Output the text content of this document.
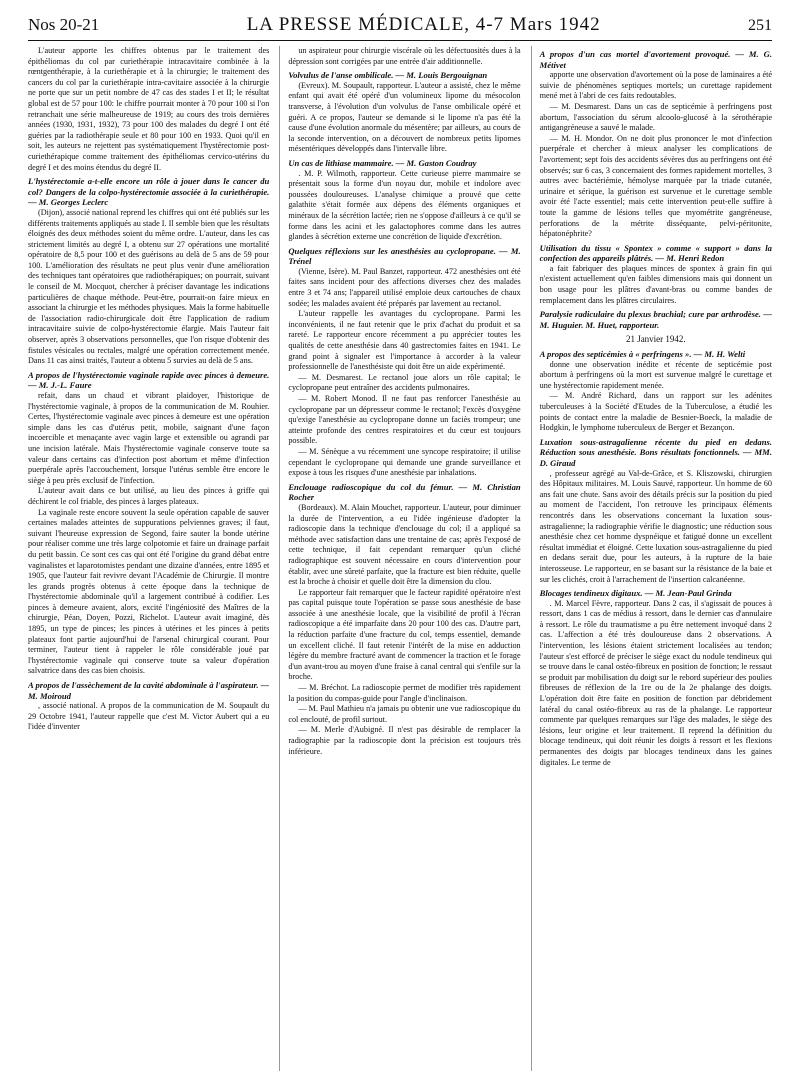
Nos 20-21	LA PRESSE MÉDICALE, 4-7 Mars 1942	251

L'auteur apporte les chiffres obtenus par le traitement des épithéliomas du col par curiethérapie intracavitaire combinée à la rœntgenthérapie, à la curiethérapie et à la chirurgie; le traitement des cancers du col par la curiethérapie intra-cavitaire associée à la chirurgie ne porte que sur un petit nombre de 47 cas des stades I et II; le résultat global est de 57 pour 100: le chiffre pourrait monter à 70 pour 100 si l'on retranchait une série malheureuse de 1919; au cours des trois dernières années (1930, 1931, 1932), 73 pour 100 des malades du degré I ont été guéries par la radiothérapie seule et 80 pour 100 en 1933. Quoi qu'il en soit, les auteurs ne rejettent pas systématiquement l'hystérectomie post-curiethérapique comme traitement des épithéliomas cervico-utérins du degré I et des moins étendus du degré II.

L'hystérectomie a-t-elle encore un rôle à jouer dans le cancer du col? Dangers de la colpo-hystérectomie associée à la curiethérapie. — M. Georges Leclerc

(Dijon), associé national reprend les chiffres qui ont été publiés sur les différents traitements appliqués au stade I. Il semble bien que les résultats éloignés des deux méthodes soient du même ordre. L'auteur, dans les cas strictement limités au degré I, a obtenu sur 27 opérations une mortalité opératoire de 8,5 pour 100 et des guérisons au delà de 5 ans de 59 pour 100. L'amélioration des résultats ne peut plus venir d'une amélioration des techniques tant opératoires que radiothérapiques; on pourrait, suivant le conseil de M. Mocquot, chercher à préciser davantage les indications particulières de chaque méthode. Peut-être, pourrait-on faire mieux en associant la chirurgie et les méthodes physiques. Mais la forme habituelle de l'association radio-chirurgicale doit être l'application de radium intracavitaire suivie de colpo-hystérectomie élargie. Mais l'auteur fait observer, après 3 observations personnelles, que l'on risque d'obtenir des fistules vésicales ou rectales, malgré une opération correctement menée. Dans 11 cas ainsi traités, l'auteur a obtenu 5 survies au delà de 5 ans.

A propos de l'hystérectomie vaginale rapide avec pinces à demeure. — M. J.-L. Faure

refait, dans un chaud et vibrant plaidoyer, l'historique de l'hystérectomie vaginale, à propos de la communication de M. Rouhier. Certes, l'hystérectomie vaginale avec pinces à demeure est une opération simple dans les cas d'utérus petit, mobile, saignant d'une façon incoercible et menaçante avec vagin large et extensible ou agrandi par une incision latérale. Mais l'hystérectomie vaginale conserve toute sa valeur dans certains cas d'infection post abortum et même d'infection puerpérale après l'accouchement, lorsque l'utérus semble être encore le siège à peu près exclusif de l'infection.

L'auteur avait dans ce but utilisé, au lieu des pinces à griffe qui déchirent le col friable, des pinces à larges plateaux.

La vaginale reste encore souvent la seule opération capable de sauver certaines malades atteintes de suppurations pelviennes graves; il faut, suivant l'heureuse expression de Segond, faire sauter la bonde utérine pour réaliser comme une très large colpotomie et faire un drainage parfait du petit bassin. Ce sont ces cas qui ont été l'origine du grand débat entre vaginalistes et laparotomistes pendant une dizaine d'années, entre 1895 et 1905, que l'auteur fait revivre devant l'Académie de Chirurgie. Il montre les grands progrès obtenus à cette époque dans la technique de l'hystérectomie abdominale qu'il a largement contribué à codifier. Les pinces à demeure avaient, alors, excité l'ingéniosité des Maîtres de la chirurgie, Péan, Doyen, Pozzi, Richelot. L'auteur avait imaginé, dès 1895, un type de pinces; les pinces à utérines et les pinces à petits plateaux font partie aujourd'hui de l'arsenal chirurgical courant. Pour terminer, l'auteur tient à rappeler le rôle considérable joué par l'hystérectomie vaginale qui conserve toute sa valeur d'opération salvatrice dans des cas bien choisis.

A propos de l'assèchement de la cavité abdominale à l'aspirateur. — M. Moiroud

, associé national. A propos de la communication de M. Soupault du 29 Octobre 1941, l'auteur rappelle que c'est M. Victor Aubert qui a eu l'idée d'inventer

un aspirateur pour chirurgie viscérale où les défectuosités dues à la dépression sont corrigées par une entrée d'air additionnelle.

Volvulus de l'anse ombilicale. — M. Louis Bergouignan

(Evreux). M. Soupault, rapporteur. L'auteur a assisté, chez le même enfant qui avait été opéré d'un volumineux lipome du mésocolon transverse, à l'évolution d'un volvulus de l'anse ombilicale opéré et guéri. A ce propos, l'auteur se demande si le lipome n'a pas été la cause d'une évolution anormale du mésentère; par ailleurs, au cours de la seconde intervention, on a découvert de nombreux petits lipomes mésentériques développés dans l'intervalle libre.

Un cas de lithiase mammaire. — M. Gaston Coudray

. M. P. Wilmoth, rapporteur. Cette curieuse pierre mammaire se présentait sous la forme d'un noyau dur, mobile et indolore avec poussées douloureuses. L'analyse chimique a prouvé que cette galathite s'était formée aux dépens des éléments organiques et minéraux de la sécrétion lactée; rien ne s'oppose d'ailleurs à ce qu'il se forme dans les acini et les galactophores comme dans les autres glandes à sécrétion externe une concrétion de liquide d'excrétion.

Quelques réflexions sur les anesthésies au cyclopropane. — M. Trénel

(Vienne, Isère). M. Paul Banzet, rapporteur. 472 anesthésies ont été faites sans incident pour des affections diverses chez des malades entre 3 et 74 ans; l'appareil utilisé emploie deux cartouches de chaux sodée; les malades avaient été préparés par lavement au rectanol.

L'auteur rappelle les avantages du cyclopropane. Parmi les inconvénients, il ne faut retenir que le prix d'achat du produit et sa rareté. Le rapporteur encore récemment a pu apprécier toutes les qualités de cette anesthésie dans 40 gastrectomies faites en 1941. Le grand point à signaler est l'importance à accorder à la valeur professionnelle de l'anesthésiste qui doit être un aide expérimenté.

— M. Desmarest. Le rectanol joue alors un rôle capital; le cyclopropane peut entraîner des accidents pulmonaires.

— M. Robert Monod. Il ne faut pas renforcer l'anesthésie au cyclopropane par un dépresseur comme le rectanol; l'excès d'oxygène qu'exige l'anesthésie au cyclopropane donne un faciès trompeur; une atteinte profonde des centres respiratoires et du cœur est toujours possible.

— M. Sénèque a vu récemment une syncope respiratoire; il utilise cependant le cyclopropane qui demande une grande surveillance et expose à tous les risques d'une anesthésie par inhalations.

Enclouage radioscopique du col du fémur. — M. Christian Rocher

(Bordeaux). M. Alain Mouchet, rapporteur. L'auteur, pour diminuer la durée de l'intervention, a eu l'idée ingénieuse d'adopter la radioscopie dans la technique d'enclouage du col; il a appliqué sa méthode avec satisfaction dans une trentaine de cas; après l'exposé de cette technique, il fait cependant remarquer qu'un cliché radiographique est souvent nécessaire en cours d'intervention pour établir, avec une sûreté parfaite, que la fracture est bien réduite, quelle est la broche à choisir et quelle doit être la dimension du clou.

Le rapporteur fait remarquer que le facteur rapidité opératoire n'est pas capital puisque toute l'opération se passe sous anesthésie de base associée à une anesthésie locale, que la visibilité de profil à l'écran radioscopique a été imparfaite dans 20 pour 100 des cas. D'autre part, la réduction parfaite d'une fracture du col, temps essentiel, demande un excellent cliché. Il faut retenir l'intérêt de la mise en adduction légère du membre fracturé avant de commencer la traction et le forage d'un avant-trou au moyen d'une fraise à canal central qui s'enfile sur la broche.

— M. Bréchot. La radioscopie permet de modifier très rapidement la position du compas-guide pour l'angle d'inclinaison.

— M. Paul Mathieu n'a jamais pu obtenir une vue radioscopique du col enclouté, de profil surtout.

— M. Merle d'Aubigné. Il n'est pas désirable de remplacer la radiographie par la radioscopie dont la précision est toujours très inférieure.

A propos d'un cas mortel d'avortement provoqué. — M. G. Métivet

apporte une observation d'avortement où la pose de laminaires a été suivie de phénomènes septiques mortels; un curettage rapidement mené met à l'abri de ces faits redoutables.

— M. Desmarest. Dans un cas de septicémie à perfringens post abortum, l'association du sérum alcoolo-glucosé à la sérothérapie antigangréneuse a sauvé le malade.

— M. H. Mondor. On ne doit plus prononcer le mot d'infection puerpérale et chercher à mieux analyser les complications de l'avortement; sept fois des accidents sévères dus au perfringens ont été observés; sur 6 cas, 3 concernaient des formes rapidement mortelles, 3 autres avec bactériémie, hémolyse marquée par la triade cutanée, urinaire et sérique, la guérison est survenue et le curettage semble avoir été l'acte essentiel; mais cette intervention peut-elle suffire à toute la gamme de lésions telles que myométrite gangréneuse, perforations de la métrite disséquante, pelvi-péritonite, hépatonéphrite?

Utilisation du tissu « Spontex » comme « support » dans la confection des appareils plâtrés. — M. Henri Redon

a fait fabriquer des plaques minces de spontex à grain fin qui n'existent actuellement qu'en faibles dimensions mais qui donnent un bon usage pour les plâtres d'avant-bras ou comme bandes de remplacement dans les plâtres circulaires.

Paralysie radiculaire du plexus brachial; cure par arthrodèse. — M. Huguier. M. Huet, rapporteur.

21 Janvier 1942.

A propos des septicémies à « perfringens ». — M. H. Welti

donne une observation inédite et récente de septicémie post abortum à perfringens où la mort est survenue malgré le curettage et une hystérectomie rapidement menée.

— M. André Richard, dans un rapport sur les adénites tuberculeuses à la Société d'Etudes de la Tuberculose, a étudié les points de contact entre la maladie de Besnier-Boeck, la maladie de Hodgkin, le lymphome tuberculeux de Berger et Bezançon.

Luxation sous-astragalienne récente du pied en dedans. Réduction sous anesthésie. Bons résultats fonctionnels. — MM. D. Giraud

, professeur agrégé au Val-de-Grâce, et S. Kliszowski, chirurgien des Hôpitaux militaires. M. Louis Sauvé, rapporteur. Un homme de 60 ans fait une chute. Sans avoir des détails précis sur la position du pied au moment de l'accident, l'on retrouve les principaux éléments rencontrés dans les observations concernant la luxation sous-astragalienne; la radiographie vérifie le diagnostic; une réduction sous anesthésie chez cet homme dyspnéique et fatigué donne un excellent résultat immédiat et éloigné. Cette luxation sous-astragalienne du pied en dedans serait due, pour les auteurs, à la rupture de la baie interosseuse. Le rapporteur, en se basant sur la résistance de la baie et sur les clichés, croit à l'arrachement de l'insertion calcanéenne.

Blocages tendineux digitaux. — M. Jean-Paul Grinda

. M. Marcel Fèvre, rapporteur. Dans 2 cas, il s'agissait de pouces à ressort, dans 1 cas de médius à ressort, dans le dernier cas d'annulaire à ressort. Le rôle du traumatisme a pu être nettement invoqué dans 2 cas. L'affection a été très douloureuse dans 2 observations. A l'intervention, les lésions étaient strictement localisées au tendon; l'auteur s'est efforcé de préciser le siège exact du nodule tendineux qui se trouve dans le canal ostéo-fibreux en position de fonction; le ressaut se produit par mobilisation du doigt sur le rebord supérieur des poulies fibreuses de réflexion de la 1re ou de la 2e phalange des doigts. L'opération doit être faite en position de fonction par débridement latéral du canal ostéo-fibreux au ras de la phalange. Le rapporteur commente par quelques remarques sur l'âge des malades, le siège des lésions, leur origine et leur traitement. Il reprend la définition du blocage tendineux, qui doit réunir les doigts à ressort et les flexions permanentes des doigts par blocages tendineux dans les gaines digitales. Le terme de
